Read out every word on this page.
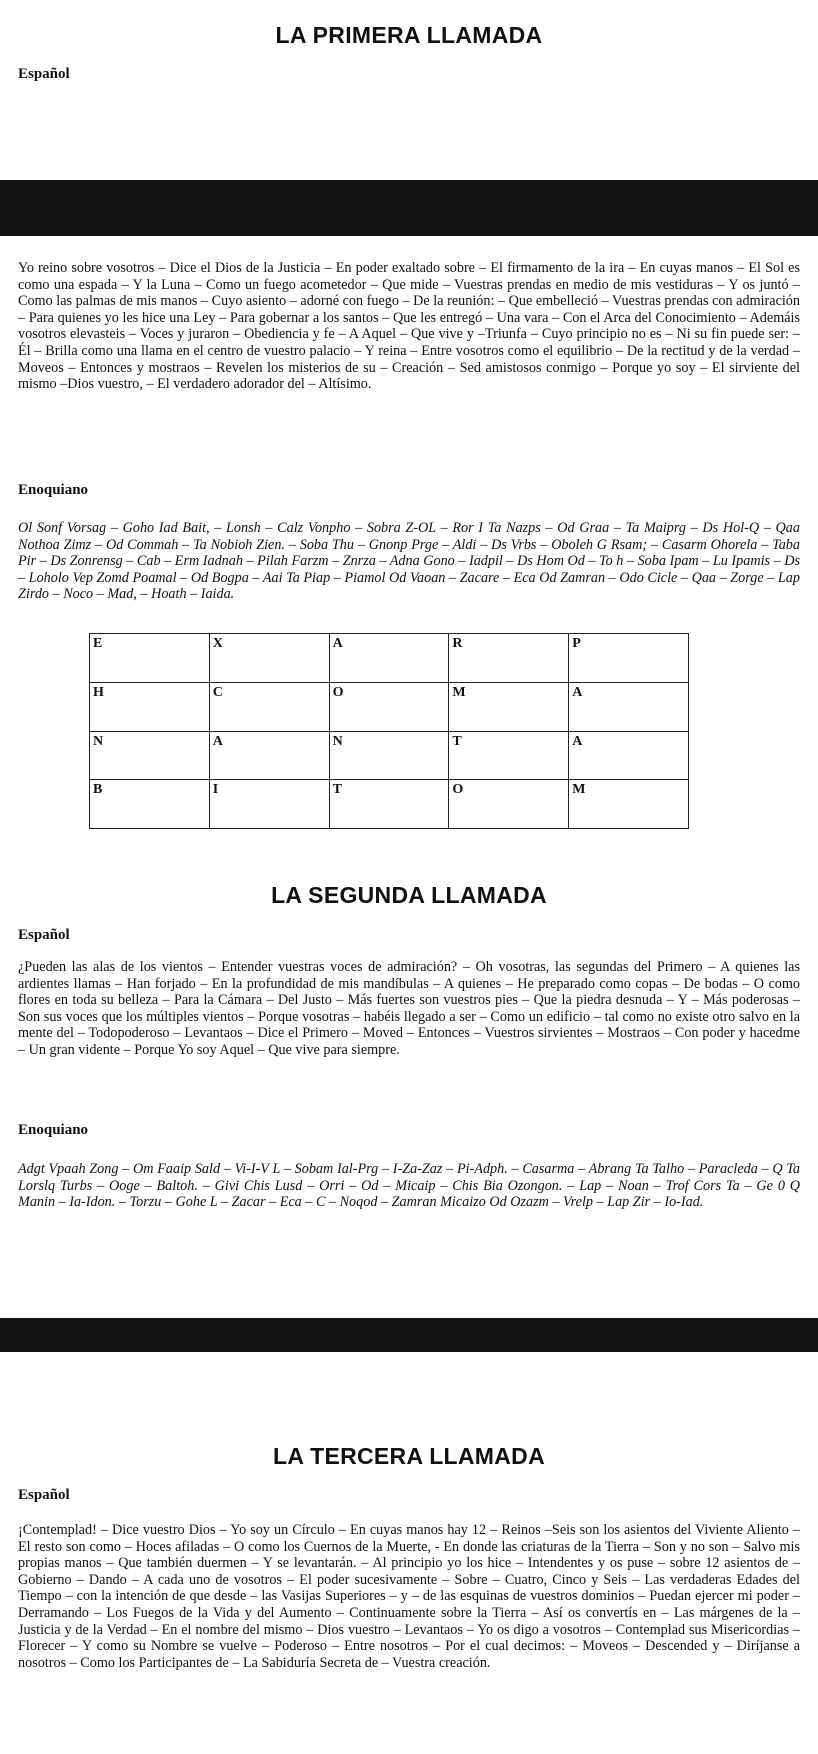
LA PRIMERA LLAMADA
Español

Yo reino sobre vosotros – Dice el Dios de la Justicia – En poder exaltado sobre – El firmamento de la ira – En cuyas manos – El Sol es como una espada – Y la Luna – Como un fuego acometedor – Que mide – Vuestras prendas en medio de mis vestiduras – Y os juntó – Como las palmas de mis manos – Cuyo asiento – adorné con fuego – De la reunión: – Que embelleció – Vuestras prendas con admiración – Para quienes yo les hice una Ley – Para gobernar a los santos – Que les entregó – Una vara – Con el Arca del Conocimiento – Ademáis vosotros elevasteis – Voces y juraron – Obediencia y fe – A Aquel – Que vive y –Triunfa – Cuyo principio no es – Ni su fin puede ser: – Él – Brilla como una llama en el centro de vuestro palacio – Y reina – Entre vosotros como el equilibrio – De la rectitud y de la verdad – Moveos – Entonces y mostraos – Revelen los misterios de su – Creación – Sed amistosos conmigo – Porque yo soy – El sirviente del mismo –Dios vuestro, – El verdadero adorador del – Altísimo.

Enoquiano

Ol Sonf Vorsag – Goho Iad Bait, – Lonsh – Calz Vonpho – Sobra Z-OL – Ror I Ta Nazps – Od Graa – Ta Maiprg – Ds Hol-Q – Qaa Nothoa Zimz – Od Commah – Ta Nobioh Zien. – Soba Thu – Gnonp Prge – Aldi – Ds Vrbs – Oboleh G Rsam; – Casarm Ohorela – Taba Pir – Ds Zonrensg – Cab – Erm Iadnah – Pilah Farzm – Znrza – Adna Gono – Iadpil – Ds Hom Od – To h – Soba Ipam – Lu Ipamis – Ds – Loholo Vep Zomd Poamal – Od Bogpa – Aai Ta Piap – Piamol Od Vaoan – Zacare – Eca Od Zamran – Odo Cicle – Qaa – Zorge – Lap Zirdo – Noco – Mad, – Hoath – Iaida.

E	X	A	R	P
H	C	O	M	A
N	A	N	T	A
B	I	T	O	M
LA SEGUNDA LLAMADA
Español

¿Pueden las alas de los vientos – Entender vuestras voces de admiración? – Oh vosotras, las segundas del Primero – A quienes las ardientes llamas – Han forjado – En la profundidad de mis mandíbulas – A quienes – He preparado como copas – De bodas – O como flores en toda su belleza – Para la Cámara – Del Justo – Más fuertes son vuestros pies – Que la piedra desnuda – Y – Más poderosas – Son sus voces que los múltiples vientos – Porque vosotras – habéis llegado a ser – Como un edificio – tal como no existe otro salvo en la mente del – Todopoderoso – Levantaos – Dice el Primero – Moved – Entonces – Vuestros sirvientes – Mostraos – Con poder y hacedme – Un gran vidente – Porque Yo soy Aquel – Que vive para siempre.

Enoquiano

Adgt Vpaah Zong – Om Faaip Sald – Vi-I-V L – Sobam Ial-Prg – I-Za-Zaz – Pi-Adph. – Casarma – Abrang Ta Talho – Paracleda – Q Ta Lorslq Turbs – Ooge – Baltoh. – Givi Chis Lusd – Orri – Od – Micaip – Chis Bia Ozongon. – Lap – Noan – Trof Cors Ta – Ge 0 Q Manin – Ia-Idon. – Torzu – Gohe L – Zacar – Eca – C – Noqod – Zamran Micaizo Od Ozazm – Vrelp – Lap Zir – Io-Iad.

LA TERCERA LLAMADA
Español

¡Contemplad! – Dice vuestro Dios – Yo soy un Círculo – En cuyas manos hay 12 – Reinos –Seis son los asientos del Viviente Aliento – El resto son como – Hoces afiladas – O como los Cuernos de la Muerte, - En donde las criaturas de la Tierra – Son y no son – Salvo mis propias manos – Que también duermen – Y se levantarán. – Al principio yo los hice – Intendentes y os puse – sobre 12 asientos de – Gobierno – Dando – A cada uno de vosotros – El poder sucesivamente – Sobre – Cuatro, Cinco y Seis – Las verdaderas Edades del Tiempo – con la intención de que desde – las Vasijas Superiores – y – de las esquinas de vuestros dominios – Puedan ejercer mi poder – Derramando – Los Fuegos de la Vida y del Aumento – Continuamente sobre la Tierra – Así os convertís en – Las márgenes de la – Justicia y de la Verdad – En el nombre del mismo – Dios vuestro – Levantaos – Yo os digo a vosotros – Contemplad sus Misericordias – Florecer – Y como su Nombre se vuelve – Poderoso – Entre nosotros – Por el cual decimos: – Moveos – Descended y – Diríjanse a nosotros – Como los Participantes de – La Sabiduría Secreta de – Vuestra creación.
